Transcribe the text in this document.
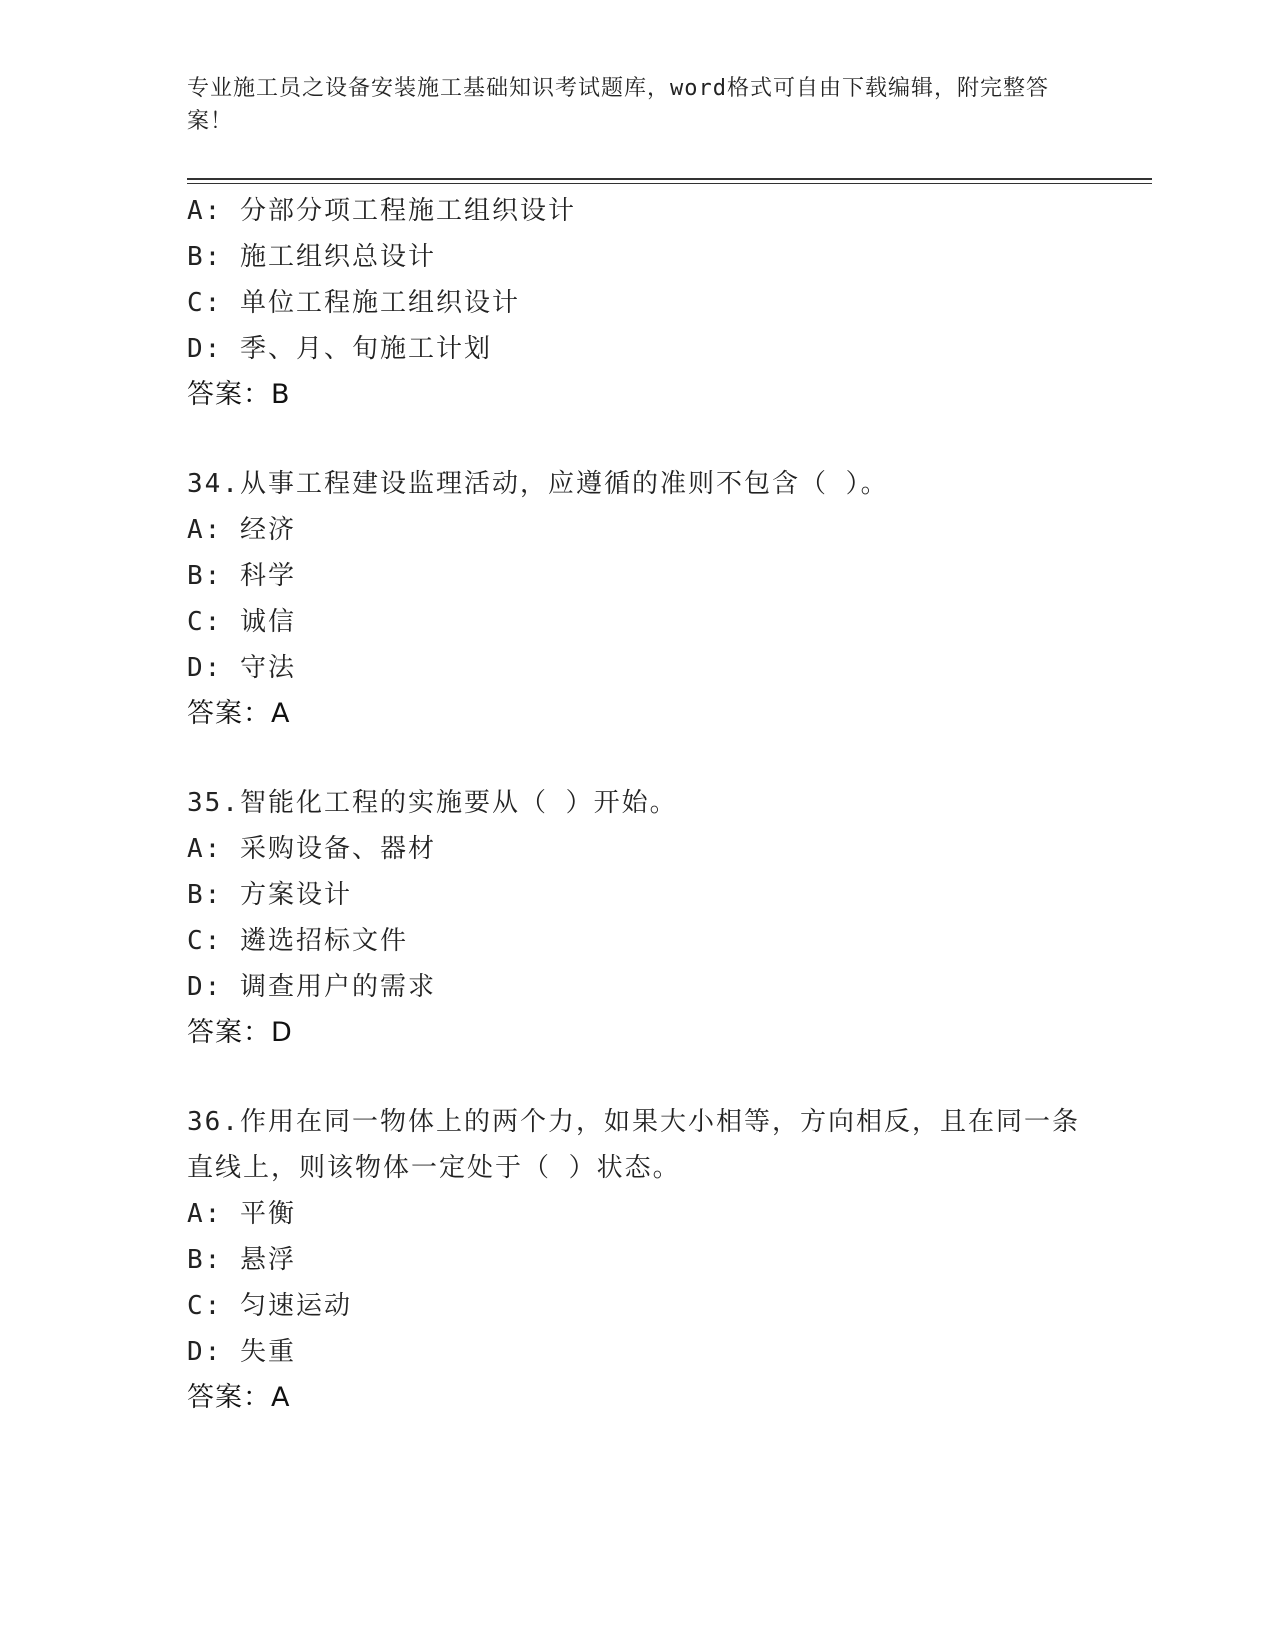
专业施工员之设备安装施工基础知识考试题库，word格式可自由下载编辑，附完整答案！
A: 分部分项工程施工组织设计
B: 施工组织总设计
C: 单位工程施工组织设计
D: 季、月、旬施工计划
答案：B
34.从事工程建设监理活动，应遵循的准则不包含（ ）。
A: 经济
B: 科学
C: 诚信
D: 守法
答案：A
35.智能化工程的实施要从（ ）开始。
A: 采购设备、器材
B: 方案设计
C: 遴选招标文件
D: 调查用户的需求
答案：D
36.作用在同一物体上的两个力，如果大小相等，方向相反，且在同一条直线上，则该物体一定处于（ ）状态。
A: 平衡
B: 悬浮
C: 匀速运动
D: 失重
答案：A
